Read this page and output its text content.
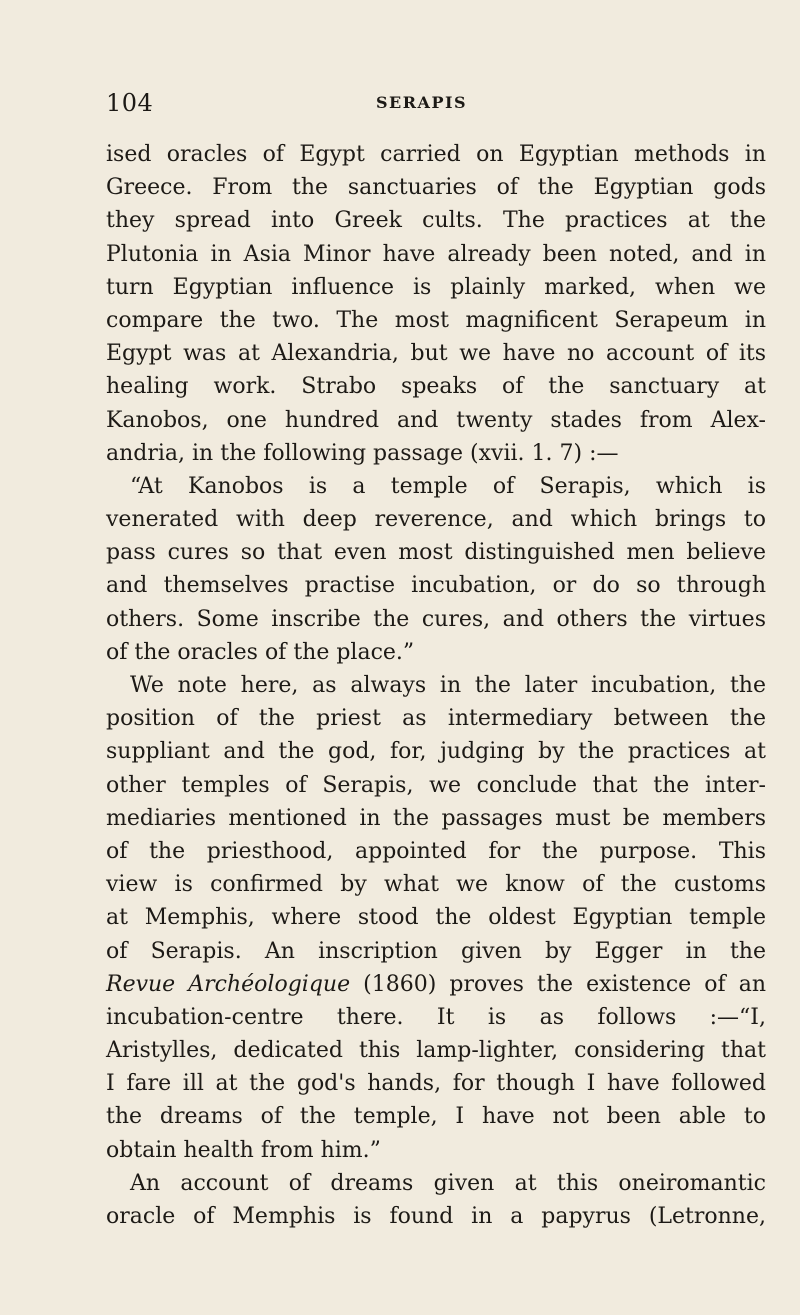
104	SERAPIS
ised oracles of Egypt carried on Egyptian methods in
Greece. From the sanctuaries of the Egyptian gods
they spread into Greek cults. The practices at the
Plutonia in Asia Minor have already been noted, and in
turn Egyptian influence is plainly marked, when we
compare the two. The most magnificent Serapeum in
Egypt was at Alexandria, but we have no account of its
healing work. Strabo speaks of the sanctuary at
Kanobos, one hundred and twenty stades from Alex-
andria, in the following passage (xvii. 1. 7) :—
“At Kanobos is a temple of Serapis, which is
venerated with deep reverence, and which brings to
pass cures so that even most distinguished men believe
and themselves practise incubation, or do so through
others. Some inscribe the cures, and others the virtues
of the oracles of the place.”
We note here, as always in the later incubation, the
position of the priest as intermediary between the
suppliant and the god, for, judging by the practices at
other temples of Serapis, we conclude that the inter-
mediaries mentioned in the passages must be members
of the priesthood, appointed for the purpose. This
view is confirmed by what we know of the customs
at Memphis, where stood the oldest Egyptian temple
of Serapis. An inscription given by Egger in the
Revue Archéologique (1860) proves the existence of an
incubation-centre there. It is as follows :—“I,
Aristylles, dedicated this lamp-lighter, considering that
I fare ill at the god's hands, for though I have followed
the dreams of the temple, I have not been able to
obtain health from him.”
An account of dreams given at this oneiromantic
oracle of Memphis is found in a papyrus (Letronne,
